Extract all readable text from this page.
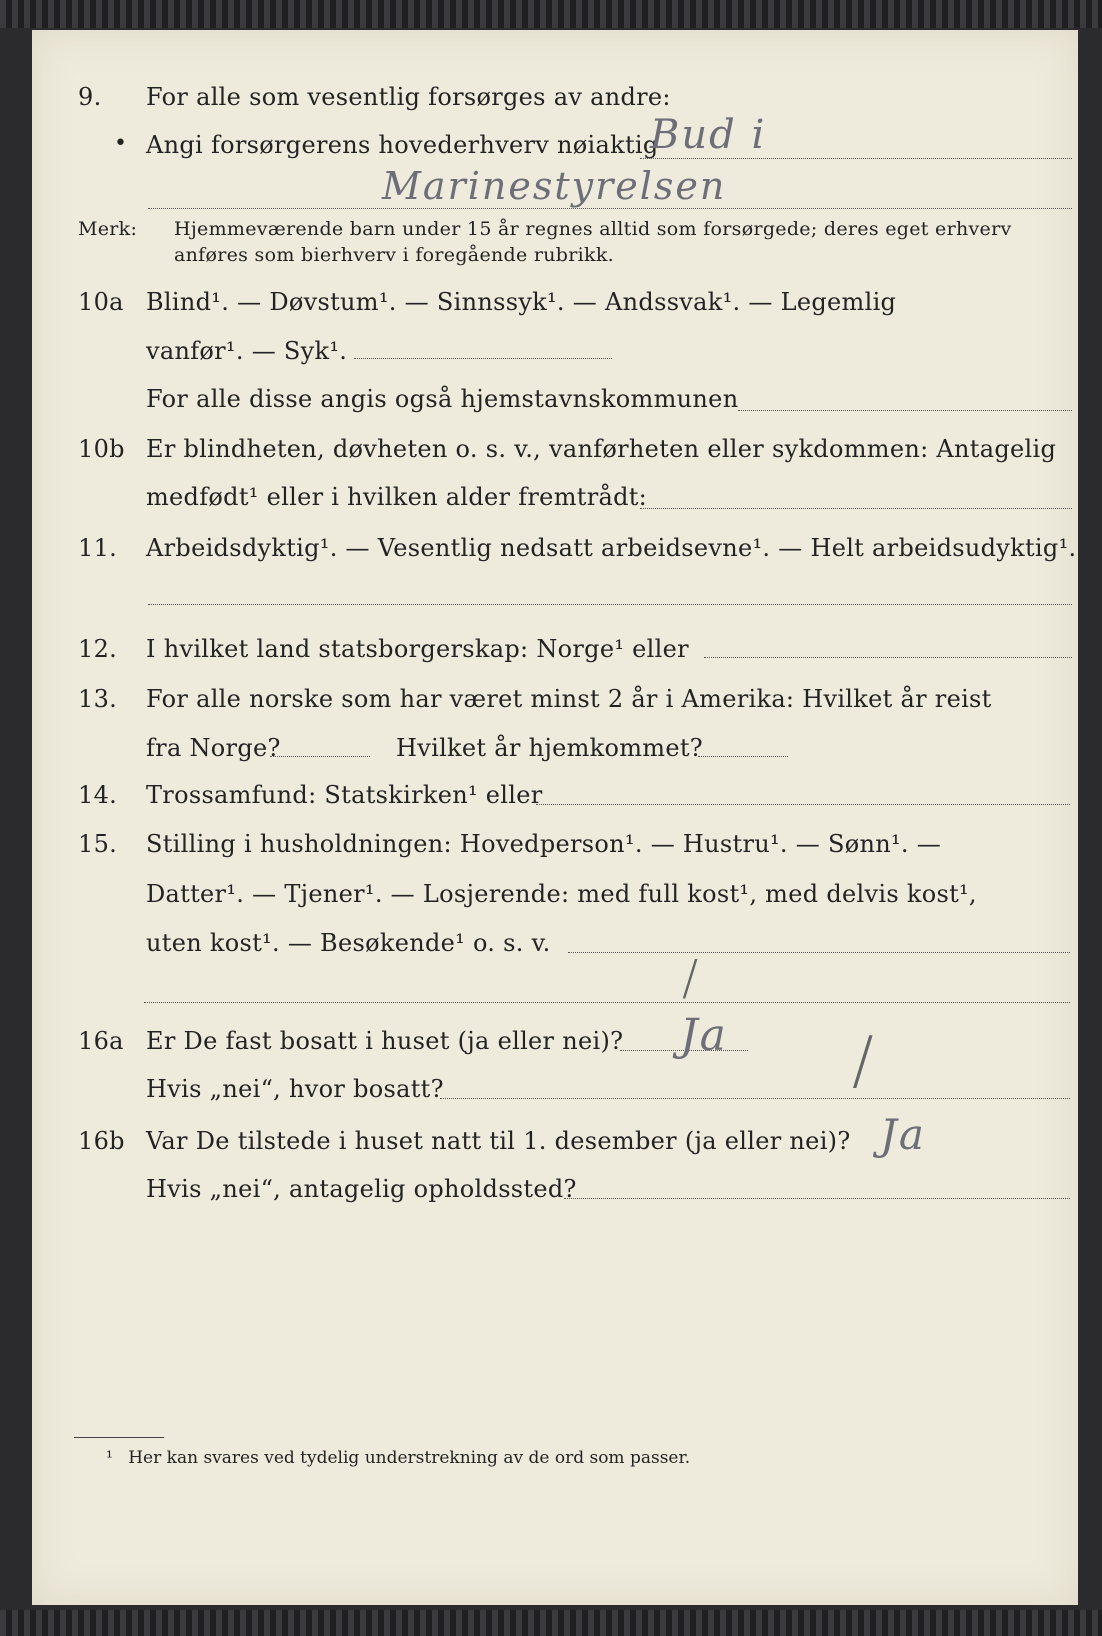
9. For alle som vesentlig forsørges av andre:
• Angi forsørgerens hovederhverv nøiaktig
Bud i
Marinestyrelsen
Merk: Hjemmeværende barn under 15 år regnes alltid som forsørgede; deres eget erhverv
anføres som bierhverv i foregående rubrikk.
10a Blind¹. — Døvstum¹. — Sinnssyk¹. — Andssvak¹. — Legemlig
vanfør¹. — Syk¹.
For alle disse angis også hjemstavnskommunen
10b Er blindheten, døvheten o. s. v., vanførheten eller sykdommen: Antagelig
medfødt¹ eller i hvilken alder fremtrådt:
11. Arbeidsdyktig¹. — Vesentlig nedsatt arbeidsevne¹. — Helt arbeidsudyktig¹.
12. I hvilket land statsborgerskap: Norge¹ eller
13. For alle norske som har været minst 2 år i Amerika: Hvilket år reist
fra Norge?	Hvilket år hjemkommet?
14. Trossamfund: Statskirken¹ eller
15. Stilling i husholdningen: Hovedperson¹. — Hustru¹. — Sønn¹. —
Datter¹. — Tjener¹. — Losjerende: med full kost¹, med delvis kost¹,
uten kost¹. — Besøkende¹ o. s. v.
/
16a Er De fast bosatt i huset (ja eller nei)? Ja
Hvis „nei“, hvor bosatt?	/
16b Var De tilstede i huset natt til 1. desember (ja eller nei)? Ja
Hvis „nei“, antagelig opholdssted?
¹ Her kan svares ved tydelig understrekning av de ord som passer.
